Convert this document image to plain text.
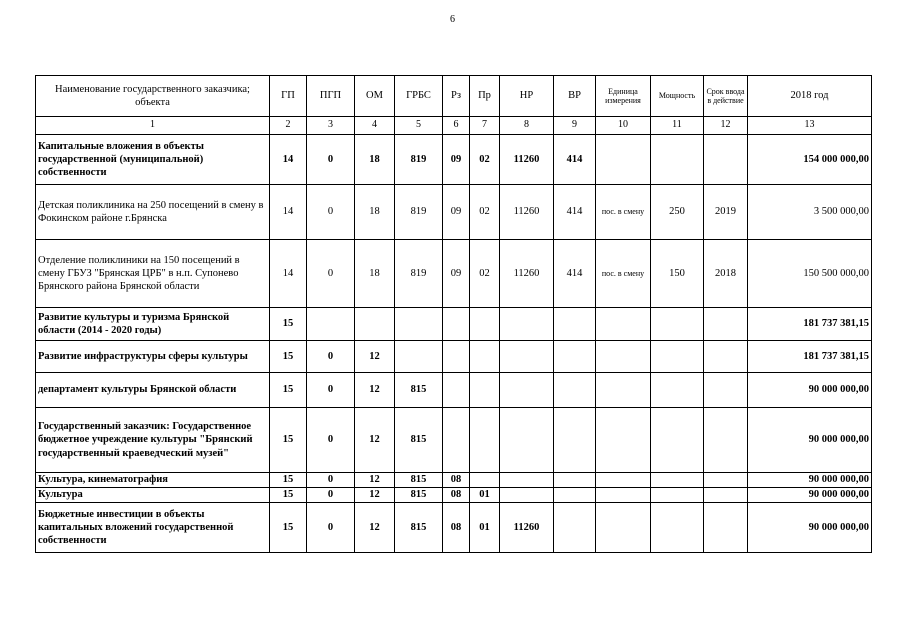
6
Наименование государственного заказчика; объекта	ГП	ПГП	ОМ	ГРБС	Рз	Пр	НР	ВР	Единица измерения	Мощность	Срок ввода в действие	2018 год
1	2	3	4	5	6	7	8	9	10	11	12	13
Капитальные вложения в объекты государственной (муниципальной) собственности	14	0	18	819	09	02	11260	414				154 000 000,00
Детская поликлиника на 250 посещений в смену в Фокинском районе г.Брянска	14	0	18	819	09	02	11260	414	пос. в смену	250	2019	3 500 000,00
Отделение поликлиники на 150 посещений в смену ГБУЗ "Брянская ЦРБ" в н.п. Супонево Брянского района Брянской области	14	0	18	819	09	02	11260	414	пос. в смену	150	2018	150 500 000,00
Развитие культуры и туризма Брянской области (2014 - 2020 годы)	15											181 737 381,15
Развитие инфраструктуры сферы культуры	15	0	12									181 737 381,15
департамент культуры Брянской области	15	0	12	815								90 000 000,00
Государственный заказчик: Государственное бюджетное учреждение культуры "Брянский государственный краеведческий музей"	15	0	12	815								90 000 000,00
Культура, кинематография	15	0	12	815	08							90 000 000,00
Культура	15	0	12	815	08	01						90 000 000,00
Бюджетные инвестиции в объекты капитальных вложений государственной собственности	15	0	12	815	08	01	11260					90 000 000,00
